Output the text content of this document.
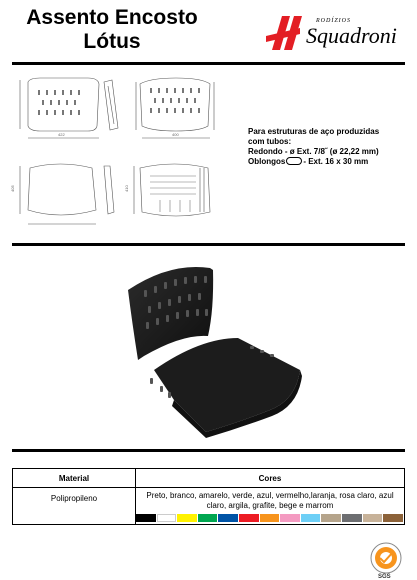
Assento Encosto
Lótus
RODÍZIOS
Squadroni
422	400
405	410
Para estruturas de aço produzidas
com tubos:
Redondo - ø Ext. 7/8˝ (ø 22,22 mm)
Oblongos - Ext. 16 x 30 mm
Material	Cores
Polipropileno	Preto, branco, amarelo, verde, azul, vermelho,laranja, rosa claro, azul claro, argila, grafite, bege e marrom
SGS
